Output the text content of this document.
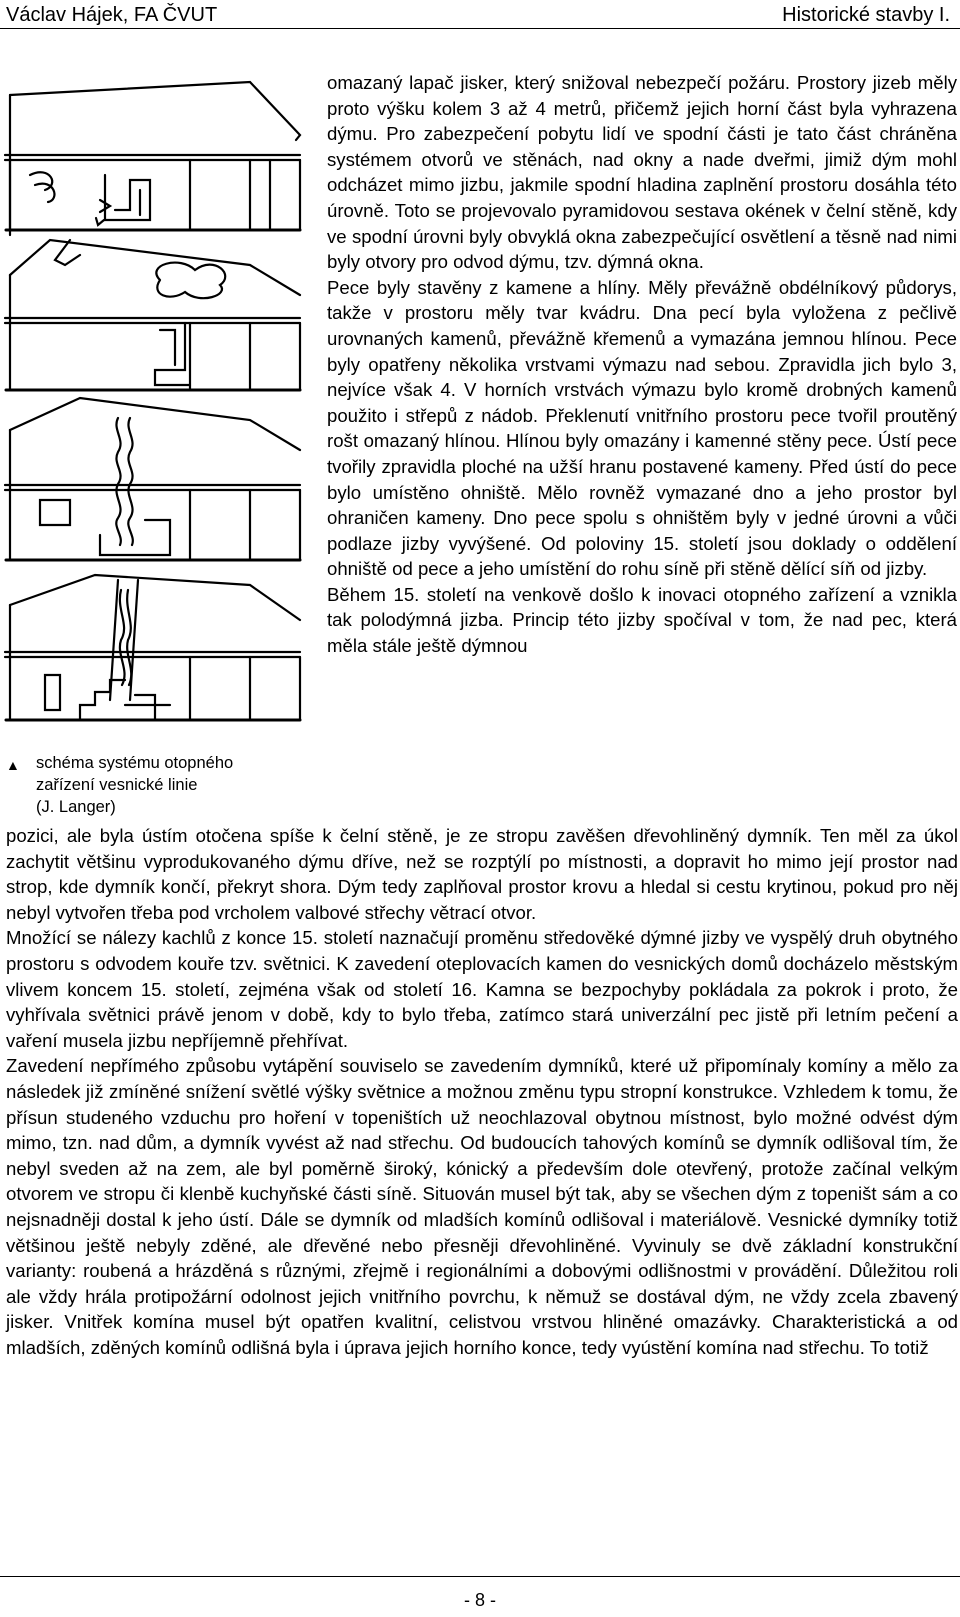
Václav Hájek, FA ČVUT	Historické stavby I.
▲ schéma systému otopného

zařízení vesnické linie

(J. Langer)

omazaný lapač jisker, který snižoval nebezpečí požáru. Prostory jizeb měly proto výšku kolem 3 až 4 metrů, přičemž jejich horní část byla vyhrazena dýmu. Pro zabezpečení pobytu lidí ve spodní části je tato část chráněna systémem otvorů ve stěnách, nad okny a nade dveřmi, jimiž dým mohl odcházet mimo jizbu, jakmile spodní hladina zaplnění prostoru dosáhla této úrovně. Toto se projevovalo pyramidovou sestava okének v čelní stěně, kdy ve spodní úrovni byly obvyklá okna zabezpečující osvětlení a těsně nad nimi byly otvory pro odvod dýmu, tzv. dýmná okna.

Pece byly stavěny z kamene a hlíny. Měly převážně obdélníkový půdorys, takže v prostoru měly tvar kvádru. Dna pecí byla vyložena z pečlivě urovnaných kamenů, převážně křemenů a vymazána jemnou hlínou. Pece byly opatřeny několika vrstvami výmazu nad sebou. Zpravidla jich bylo 3, nejvíce však 4. V horních vrstvách výmazu bylo kromě drobných kamenů použito i střepů z nádob. Překlenutí vnitřního prostoru pece tvořil proutěný rošt omazaný hlínou. Hlínou byly omazány i kamenné stěny pece. Ústí pece tvořily zpravidla ploché na užší hranu postavené kameny. Před ústí do pece bylo umístěno ohniště. Mělo rovněž vymazané dno a jeho prostor byl ohraničen kameny. Dno pece spolu s ohništěm byly v jedné úrovni a vůči podlaze jizby vyvýšené. Od poloviny 15. století jsou doklady o oddělení ohniště od pece a jeho umístění do rohu síně při stěně dělící síň od jizby.

Během 15. století na venkově došlo k inovaci otopného zařízení a vznikla tak polodýmná jizba. Princip této jizby spočíval v tom, že nad pec, která měla stále ještě dýmnou

pozici, ale byla ústím otočena spíše k čelní stěně, je ze stropu zavěšen dřevohliněný dymník. Ten měl za úkol zachytit většinu vyprodukovaného dýmu dříve, než se rozptýlí po místnosti, a dopravit ho mimo její prostor nad strop, kde dymník končí, překryt shora. Dým tedy zaplňoval prostor krovu a hledal si cestu krytinou, pokud pro něj nebyl vytvořen třeba pod vrcholem valbové střechy větrací otvor.

Množící se nálezy kachlů z konce 15. století naznačují proměnu středověké dýmné jizby ve vyspělý druh obytného prostoru s odvodem kouře tzv. světnici. K zavedení oteplovacích kamen do vesnických domů docházelo městským vlivem koncem 15. století, zejména však od století 16. Kamna se bezpochyby pokládala za pokrok i proto, že vyhřívala světnici právě jenom v době, kdy to bylo třeba, zatímco stará univerzální pec jistě při letním pečení a vaření musela jizbu nepříjemně přehřívat.

Zavedení nepřímého způsobu vytápění souviselo se zavedením dymníků, které už připomínaly komíny a mělo za následek již zmíněné snížení světlé výšky světnice a možnou změnu typu stropní konstrukce. Vzhledem k tomu, že přísun studeného vzduchu pro hoření v topeništích už neochlazoval obytnou místnost, bylo možné odvést dým mimo, tzn. nad dům, a dymník vyvést až nad střechu. Od budoucích tahových komínů se dymník odlišoval tím, že nebyl sveden až na zem, ale byl poměrně široký, kónický a především dole otevřený, protože začínal velkým otvorem ve stropu či klenbě kuchyňské části síně. Situován musel být tak, aby se všechen dým z topeništ sám a co nejsnadněji dostal k jeho ústí. Dále se dymník od mladších komínů odlišoval i materiálově. Vesnické dymníky totiž většinou ještě nebyly zděné, ale dřevěné nebo přesněji dřevohliněné. Vyvinuly se dvě základní konstrukční varianty: roubená a hrázděná s různými, zřejmě i regionálními a dobovými odlišnostmi v provádění. Důležitou roli ale vždy hrála protipožární odolnost jejich vnitřního povrchu, k němuž se dostával dým, ne vždy zcela zbavený jisker. Vnitřek komína musel být opatřen kvalitní, celistvou vrstvou hliněné omazávky. Charakteristická a od mladších, zděných komínů odlišná byla i úprava jejich horního konce, tedy vyústění komína nad střechu. To totiž

- 8 -
